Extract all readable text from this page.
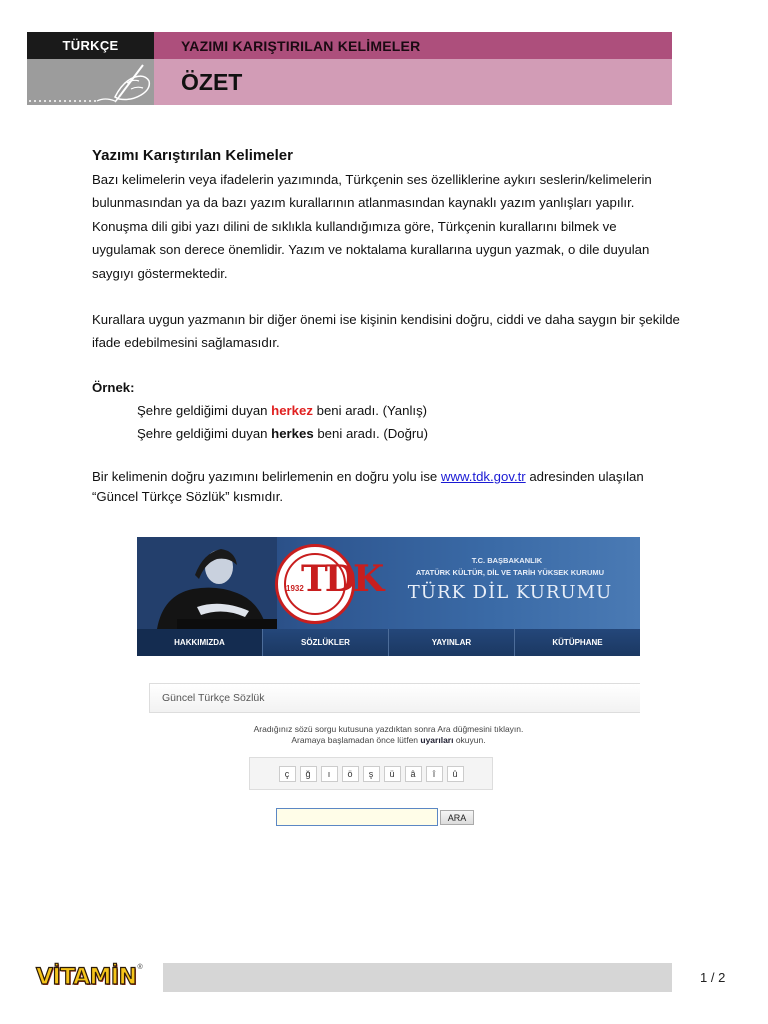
TÜRKÇE	YAZIMI KARIŞTIRILAN KELİMELER
ÖZET
Yazımı Karıştırılan Kelimeler

Bazı kelimelerin veya ifadelerin yazımında, Türkçenin ses özelliklerine aykırı seslerin/kelimelerin bulunmasından ya da bazı yazım kurallarının atlanmasından kaynaklı yazım yanlışları yapılır. Konuşma dili gibi yazı dilini de sıklıkla kullandığımıza göre, Türkçenin kurallarını bilmek ve uygulamak son derece önemlidir. Yazım ve noktalama kurallarına uygun yazmak, o dile duyulan saygıyı göstermektedir.

Kurallara uygun yazmanın bir diğer önemi ise kişinin kendisini doğru, ciddi ve daha saygın bir şekilde ifade edebilmesini sağlamasıdır.

Örnek:
Şehre geldiğimi duyan herkez beni aradı. (Yanlış)
Şehre geldiğimi duyan herkes beni aradı. (Doğru)

Bir kelimenin doğru yazımını belirlemenin en doğru yolu ise www.tdk.gov.tr adresinden ulaşılan “Güncel Türkçe Sözlük” kısmıdır.

1932
TDK	T.C. BAŞBAKANLIK
ATATÜRK KÜLTÜR, DİL VE TARİH YÜKSEK KURUMU
TÜRK DİL KURUMU
HAKKIMIZDA	SÖZLÜKLER	YAYINLAR	KÜTÜPHANE
Güncel Türkçe Sözlük
Aradığınız sözü sorgu kutusuna yazdıktan sonra Ara düğmesini tıklayın.
Aramaya başlamadan önce lütfen uyarıları okuyun.
ç	ğ	ı	ö	ş	ü	â	î	û
ARA
VİTAMİN ®
1 / 2
